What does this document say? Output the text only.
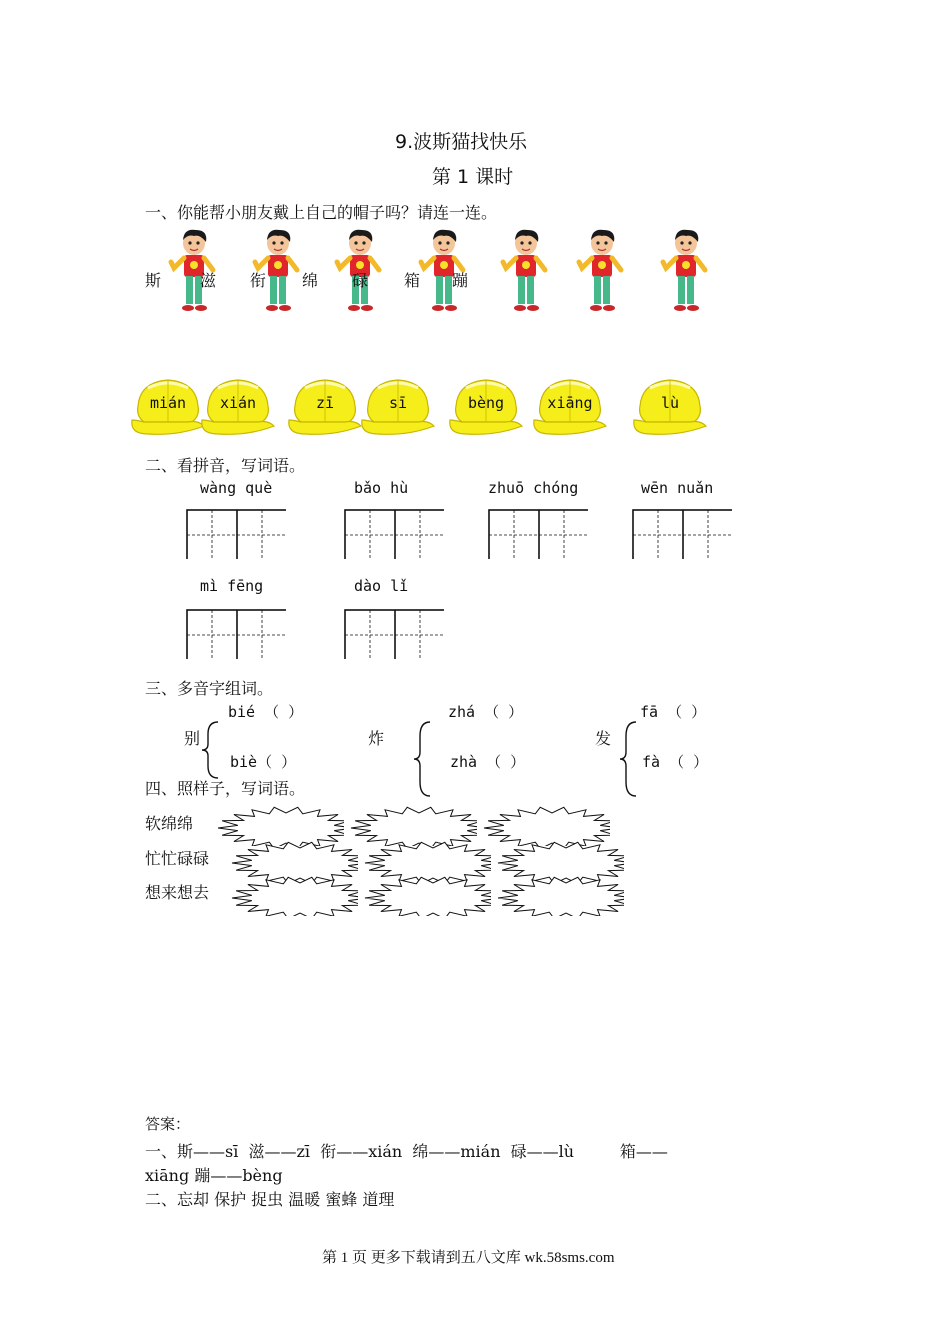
9.波斯猫找快乐
第 1 课时
一、你能帮小朋友戴上自己的帽子吗？请连一连。
斯 滋 衔 绵 碌 箱 蹦
mián	xián	zī	sī	bèng	xiāng	lù
二、看拼音，写词语。
wàng què	bǎo hù	zhuō chóng	wēn nuǎn
mì fēng	dào lǐ
三、多音字组词。
别
bié （ ）
biè（ ）
炸
zhá （ ）
zhà （ ）
发
fā （ ）
fà （ ）
四、照样子，写词语。
软绵绵
忙忙碌碌
想来想去
答案：
一、斯——sī  滋——zī  衔——xián  绵——mián  碌——lù         箱——
xiāng 蹦——bèng
二、忘却 保护 捉虫 温暖 蜜蜂 道理
第 1 页 更多下载请到五八文库 wk.58sms.com
